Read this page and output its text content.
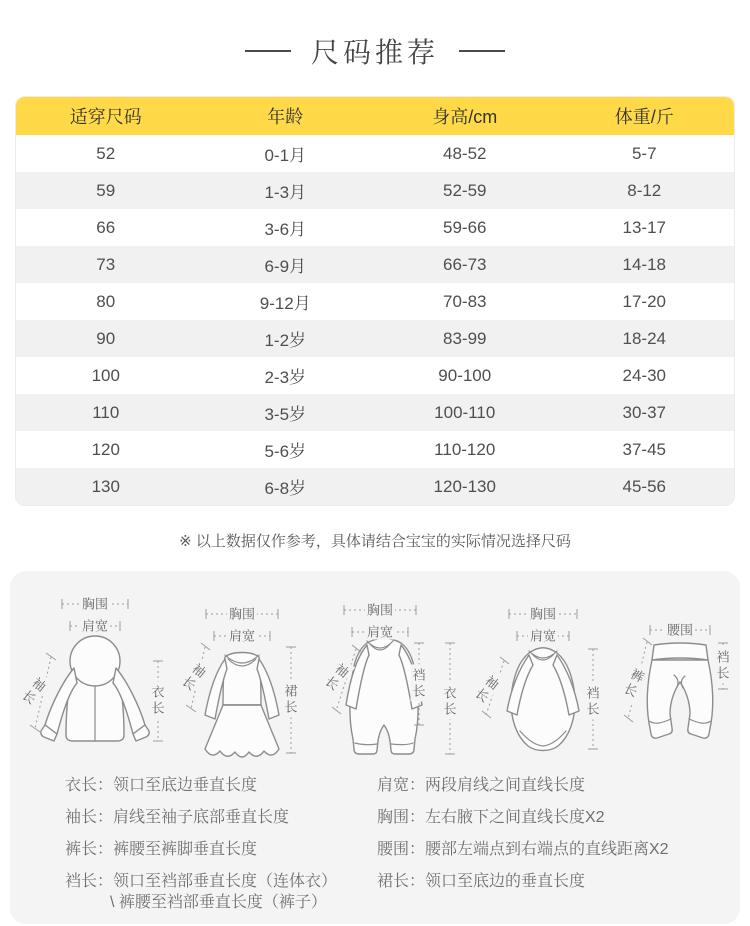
尺码推荐
适穿尺码	年龄	身高/cm	体重/斤
52	0-1月	48-52	5-7
59	1-3月	52-59	8-12
66	3-6月	59-66	13-17
73	6-9月	66-73	14-18
80	9-12月	70-83	17-20
90	1-2岁	83-99	18-24
100	2-3岁	90-100	24-30
110	3-5岁	100-110	30-37
120	5-6岁	110-120	37-45
130	6-8岁	120-130	45-56
※ 以上数据仅作参考，具体请结合宝宝的实际情况选择尺码
胸围
肩宽
袖长	衣长
胸围
肩宽
袖长	裙长
胸围
肩宽
袖长	裆长 衣长
胸围
肩宽
袖长	裆长
腰围
裤长
裆长
衣长：领口至底边垂直长度
袖长：肩线至袖子底部垂直长度
裤长：裤腰至裤脚垂直长度
裆长：领口至裆部垂直长度（连体衣）
\ 裤腰至裆部垂直长度（裤子）
肩宽：两段肩线之间直线长度
胸围：左右腋下之间直线长度X2
腰围：腰部左端点到右端点的直线距离X2
裙长：领口至底边的垂直长度
